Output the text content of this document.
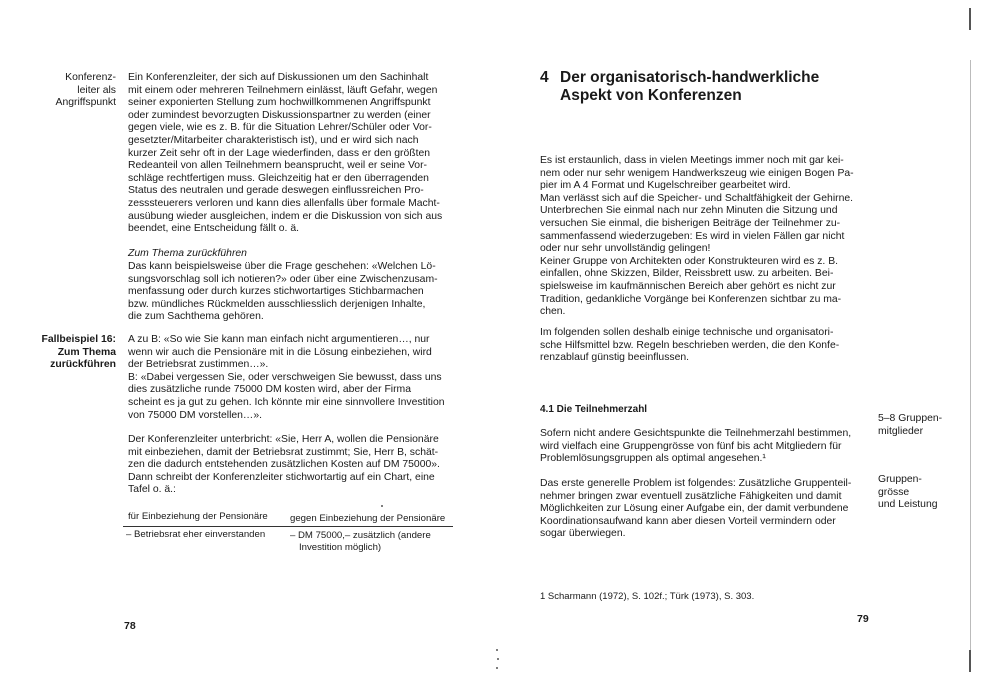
Konferenz-
leiter als
Angriffspunkt
Ein Konferenzleiter, der sich auf Diskussionen um den Sachinhalt
mit einem oder mehreren Teilnehmern einlässt, läuft Gefahr, wegen
seiner exponierten Stellung zum hochwillkommenen Angriffspunkt
oder zumindest bevorzugten Diskussionspartner zu werden (einer
gegen viele, wie es z. B. für die Situation Lehrer/Schüler oder Vor-
gesetzter/Mitarbeiter charakteristisch ist), und er wird sich nach
kurzer Zeit sehr oft in der Lage wiederfinden, dass er den größten
Redeanteil von allen Teilnehmern beansprucht, weil er seine Vor-
schläge rechtfertigen muss. Gleichzeitig hat er den überragenden
Status des neutralen und gerade deswegen einflussreichen Pro-
zesssteuerers verloren und kann dies allenfalls über formale Macht-
ausübung wieder ausgleichen, indem er die Diskussion von sich aus
beendet, eine Entscheidung fällt o. ä.
Zum Thema zurückführen
Das kann beispielsweise über die Frage geschehen: «Welchen Lö-
sungsvorschlag soll ich notieren?» oder über eine Zwischenzusam-
menfassung oder durch kurzes stichwortartiges Stichbarmachen
bzw. mündliches Rückmelden ausschliesslich derjenigen Inhalte,
die zum Sachthema gehören.
Fallbeispiel 16:
Zum Thema
zurückführen
A zu B: «So wie Sie kann man einfach nicht argumentieren…, nur
wenn wir auch die Pensionäre mit in die Lösung einbeziehen, wird
der Betriebsrat zustimmen…».
B: «Dabei vergessen Sie, oder verschweigen Sie bewusst, dass uns
dies zusätzliche runde 75000 DM kosten wird, aber der Firma
scheint es ja gut zu gehen. Ich könnte mir eine sinnvollere Investition
von 75000 DM vorstellen…».
Der Konferenzleiter unterbricht: «Sie, Herr A, wollen die Pensionäre
mit einbeziehen, damit der Betriebsrat zustimmt; Sie, Herr B, schät-
zen die dadurch entstehenden zusätzlichen Kosten auf DM 75000».
Dann schreibt der Konferenzleiter stichwortartig auf ein Chart, eine
Tafel o. ä.:
für Einbeziehung der Pensionäre gegen Einbeziehung der Pensionäre
– Betriebsrat eher einverstanden	– DM 75000,– zusätzlich (andere
Investition möglich)
78
4 Der organisatorisch-handwerkliche
Aspekt von Konferenzen
Es ist erstaunlich, dass in vielen Meetings immer noch mit gar kei-
nem oder nur sehr wenigem Handwerkszeug wie einigen Bogen Pa-
pier im A 4 Format und Kugelschreiber gearbeitet wird.
Man verlässt sich auf die Speicher- und Schaltfähigkeit der Gehirne.
Unterbrechen Sie einmal nach nur zehn Minuten die Sitzung und
versuchen Sie einmal, die bisherigen Beiträge der Teilnehmer zu-
sammenfassend wiederzugeben: Es wird in vielen Fällen gar nicht
oder nur sehr unvollständig gelingen!
Keiner Gruppe von Architekten oder Konstrukteuren wird es z. B.
einfallen, ohne Skizzen, Bilder, Reissbrett usw. zu arbeiten. Bei-
spielsweise im kaufmännischen Bereich aber gehört es nicht zur
Tradition, gedankliche Vorgänge bei Konferenzen sichtbar zu ma-
chen.
Im folgenden sollen deshalb einige technische und organisatori-
sche Hilfsmittel bzw. Regeln beschrieben werden, die den Konfe-
renzablauf günstig beeinflussen.
4.1 Die Teilnehmerzahl
Sofern nicht andere Gesichtspunkte die Teilnehmerzahl bestimmen,
wird vielfach eine Gruppengrösse von fünf bis acht Mitgliedern für
Problemlösungsgruppen als optimal angesehen.¹
5–8 Gruppen-
mitglieder
Das erste generelle Problem ist folgendes: Zusätzliche Gruppenteil-
nehmer bringen zwar eventuell zusätzliche Fähigkeiten und damit
Möglichkeiten zur Lösung einer Aufgabe ein, der damit verbundene
Koordinationsaufwand kann aber diesen Vorteil vermindern oder
sogar überwiegen.
Gruppen-
grösse
und Leistung
1 Scharmann (1972), S. 102f.; Türk (1973), S. 303.
79
